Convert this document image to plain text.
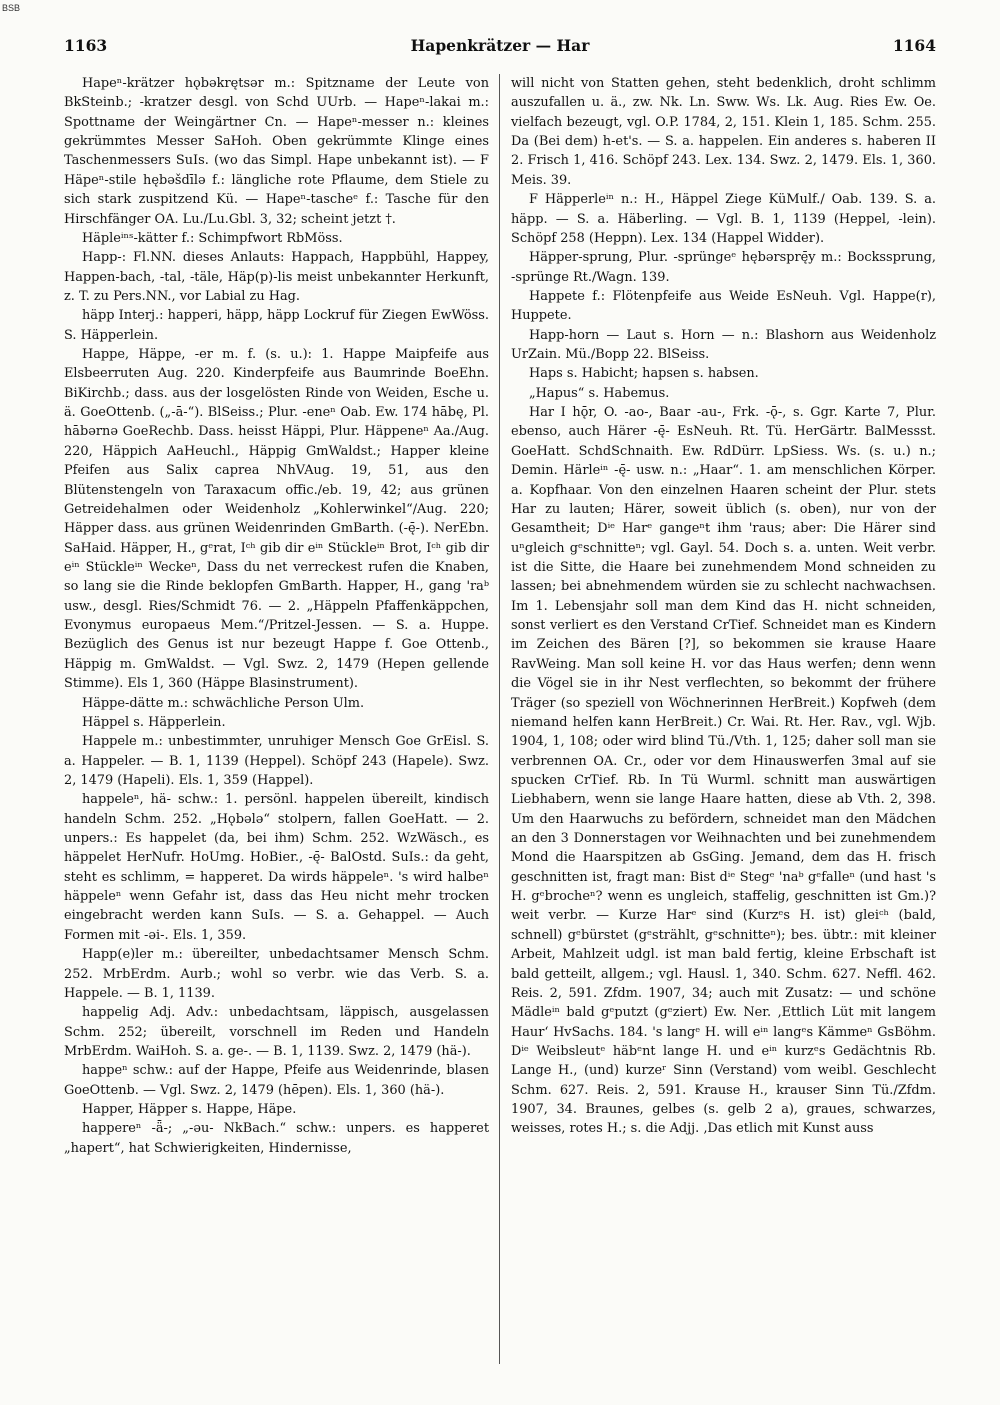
BSB
1163	Hapenkrätzer — Har	1164

Hapeⁿ-krätzer hǫbəkrętsər m.: Spitzname der Leute von BkSteinb.; -kratzer desgl. von Schd UUrb. — Hapeⁿ-lakai m.: Spottname der Weingärtner Cn. — Hapeⁿ-messer n.: kleines gekrümmtes Messer SaHoh. Oben gekrümmte Klinge eines Taschenmessers SuIs. (wo das Simpl. Hape unbekannt ist). — F Häpeⁿ-stile hębəšdīlə f.: längliche rote Pflaume, dem Stiele zu sich stark zuspitzend Kü. — Hapeⁿ-tascheᵉ f.: Tasche für den Hirschfänger OA. Lu./Lu.Gbl. 3, 32; scheint jetzt †.

Häpleⁱⁿˢ-kätter f.: Schimpfwort RbMöss.

Happ-: Fl.NN. dieses Anlauts: Happach, Happbühl, Happey, Happen-bach, -tal, -täle, Häp(p)-lis meist unbekannter Herkunft, z. T. zu Pers.NN., vor Labial zu Hag.

häpp Interj.: happeri, häpp, häpp Lockruf für Ziegen EwWöss. S. Häpperlein.

Happe, Häppe, -er m. f. (s. u.): 1. Happe Maipfeife aus Elsbeerruten Aug. 220. Kinderpfeife aus Baumrinde BoeEhn. BiKirchb.; dass. aus der losgelösten Rinde von Weiden, Esche u. ä. GoeOttenb. („-ā-“). BlSeiss.; Plur. -eneⁿ Oab. Ew. 174 hābę, Pl. hābərnə GoeRechb. Dass. heisst Häppi, Plur. Häppeneⁿ Aa./Aug. 220, Häppich AaHeuchl., Häppig GmWaldst.; Happer kleine Pfeifen aus Salix caprea NhVAug. 19, 51, aus den Blütenstengeln von Taraxacum offic./eb. 19, 42; aus grünen Getreidehalmen oder Weidenholz „Kohlerwinkel“/Aug. 220; Häpper dass. aus grünen Weidenrinden GmBarth. (-ę̄-). NerEbn. SaHaid. Häpper, H., gᵉrat, Iᶜʰ gib dir eⁱⁿ Stückleⁱⁿ Brot, Iᶜʰ gib dir eⁱⁿ Stückleⁱⁿ Weckeⁿ, Dass du net verreckest rufen die Knaben, so lang sie die Rinde beklopfen GmBarth. Happer, H., gang 'raᵇ usw., desgl. Ries/Schmidt 76. — 2. „Häppeln Pfaffenkäppchen, Evonymus europaeus Mem.“/Pritzel-Jessen. — S. a. Huppe. Bezüglich des Genus ist nur bezeugt Happe f. Goe Ottenb., Häppig m. GmWaldst. — Vgl. Swz. 2, 1479 (Hepen gellende Stimme). Els 1, 360 (Häppe Blasinstrument).

Häppe-dätte m.: schwächliche Person Ulm.

Häppel s. Häpperlein.

Happele m.: unbestimmter, unruhiger Mensch Goe GrEisl. S. a. Happeler. — B. 1, 1139 (Heppel). Schöpf 243 (Hapele). Swz. 2, 1479 (Hapeli). Els. 1, 359 (Happel).

happeleⁿ, hä- schw.: 1. persönl. happelen übereilt, kindisch handeln Schm. 252. „Hǫbələ“ stolpern, fallen GoeHatt. — 2. unpers.: Es happelet (da, bei ihm) Schm. 252. WzWäsch., es häppelet HerNufr. HoUmg. HoBier., -ę̄- BalOstd. SuIs.: da geht, steht es schlimm, = happeret. Da wirds häppeleⁿ. 's wird halbeⁿ häppeleⁿ wenn Gefahr ist, dass das Heu nicht mehr trocken eingebracht werden kann SuIs. — S. a. Gehappel. — Auch Formen mit -əi-. Els. 1, 359.

Happ(e)ler m.: übereilter, unbedachtsamer Mensch Schm. 252. MrbErdm. Aurb.; wohl so verbr. wie das Verb. S. a. Happele. — B. 1, 1139.

happelig Adj. Adv.: unbedachtsam, läppisch, ausgelassen Schm. 252; übereilt, vorschnell im Reden und Handeln MrbErdm. WaiHoh. S. a. ge-. — B. 1, 1139. Swz. 2, 1479 (hä-).

happeⁿ schw.: auf der Happe, Pfeife aus Weidenrinde, blasen GoeOttenb. — Vgl. Swz. 2, 1479 (hēpen). Els. 1, 360 (hä-).

Happer, Häpper s. Happe, Häpe.

happereⁿ -ǟ-; „-əu- NkBach.“ schw.: unpers. es happeret „hapert“, hat Schwierigkeiten, Hindernisse,

will nicht von Statten gehen, steht bedenklich, droht schlimm auszufallen u. ä., zw. Nk. Ln. Sww. Ws. Lk. Aug. Ries Ew. Oe. vielfach bezeugt, vgl. O.P. 1784, 2, 151. Klein 1, 185. Schm. 255. Da (Bei dem) h-et's. — S. a. happelen. Ein anderes s. haberen II 2. Frisch 1, 416. Schöpf 243. Lex. 134. Swz. 2, 1479. Els. 1, 360. Meis. 39.

F Häpperleⁱⁿ n.: H., Häppel Ziege KüMulf./ Oab. 139. S. a. häpp. — S. a. Häberling. — Vgl. B. 1, 1139 (Heppel, -lein). Schöpf 258 (Heppn). Lex. 134 (Happel Widder).

Häpper-sprung, Plur. -sprüngeᵉ hębərsprę̄y m.: Bockssprung, -sprünge Rt./Wagn. 139.

Happete f.: Flötenpfeife aus Weide EsNeuh. Vgl. Happe(r), Huppete.

Happ-horn — Laut s. Horn — n.: Blashorn aus Weidenholz UrZain. Mü./Bopp 22. BlSeiss.

Haps s. Habicht; hapsen s. habsen.

„Hapus“ s. Habemus.

Har I hǭr, O. -ao-, Baar -au-, Frk. -ǭ-, s. Ggr. Karte 7, Plur. ebenso, auch Härer -ę̄- EsNeuh. Rt. Tü. HerGärtr. BalMessst. GoeHatt. SchdSchnaith. Ew. RdDürr. LpSiess. Ws. (s. u.) n.; Demin. Härleⁱⁿ -ę̄- usw. n.: „Haar“. 1. am menschlichen Körper. a. Kopfhaar. Von den einzelnen Haaren scheint der Plur. stets Har zu lauten; Härer, soweit üblich (s. oben), nur von der Gesamtheit; Dⁱᵉ Harᵉ gangeⁿt ihm 'raus; aber: Die Härer sind uⁿgleich gᵉschnitteⁿ; vgl. Gayl. 54. Doch s. a. unten. Weit verbr. ist die Sitte, die Haare bei zunehmendem Mond schneiden zu lassen; bei abnehmendem würden sie zu schlecht nachwachsen. Im 1. Lebensjahr soll man dem Kind das H. nicht schneiden, sonst verliert es den Verstand CrTief. Schneidet man es Kindern im Zeichen des Bären [?], so bekommen sie krause Haare RavWeing. Man soll keine H. vor das Haus werfen; denn wenn die Vögel sie in ihr Nest verflechten, so bekommt der frühere Träger (so speziell von Wöchnerinnen HerBreit.) Kopfweh (dem niemand helfen kann HerBreit.) Cr. Wai. Rt. Her. Rav., vgl. Wjb. 1904, 1, 108; oder wird blind Tü./Vth. 1, 125; daher soll man sie verbrennen OA. Cr., oder vor dem Hinauswerfen 3mal auf sie spucken CrTief. Rb. In Tü Wurml. schnitt man auswärtigen Liebhabern, wenn sie lange Haare hatten, diese ab Vth. 2, 398. Um den Haarwuchs zu befördern, schneidet man den Mädchen an den 3 Donnerstagen vor Weihnachten und bei zunehmendem Mond die Haarspitzen ab GsGing. Jemand, dem das H. frisch geschnitten ist, fragt man: Bist dⁱᵉ Stegᵉ 'naᵇ gᵉfalleⁿ (und hast 's H. gᵉbrocheⁿ? wenn es ungleich, staffelig, geschnitten ist Gm.)? weit verbr. — Kurze Harᵉ sind (Kurzᵉs H. ist) gleiᶜʰ (bald, schnell) gᵉbürstet (gᵉstrählt, gᵉschnitteⁿ); bes. übtr.: mit kleiner Arbeit, Mahlzeit udgl. ist man bald fertig, kleine Erbschaft ist bald getteilt, allgem.; vgl. Hausl. 1, 340. Schm. 627. Neffl. 462. Reis. 2, 591. Zfdm. 1907, 34; auch mit Zusatz: — und schöne Mädleⁱⁿ bald gᵉputzt (gᵉziert) Ew. Ner. ‚Ettlich Lüt mit langem Haur‘ HvSachs. 184. 's langᵉ H. will eⁱⁿ langᵉs Kämmeⁿ GsBöhm. Dⁱᵉ Weibsleutᵉ häbᵉnt lange H. und eⁱⁿ kurzᵉs Gedächtnis Rb. Lange H., (und) kurzeʳ Sinn (Verstand) vom weibl. Geschlecht Schm. 627. Reis. 2, 591. Krause H., krauser Sinn Tü./Zfdm. 1907, 34. Braunes, gelbes (s. gelb 2 a), graues, schwarzes, weisses, rotes H.; s. die Adjj. ‚Das etlich mit Kunst auss
